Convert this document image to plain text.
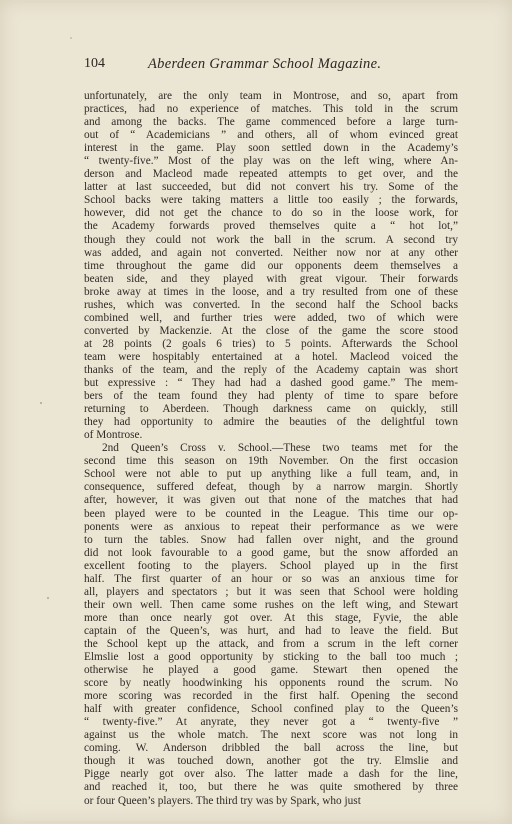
104	Aberdeen Grammar School Magazine.
unfortunately, are the only team in Montrose, and so, apart from
practices, had no experience of matches. This told in the scrum
and among the backs. The game commenced before a large turn-
out of “ Academicians ” and others, all of whom evinced great
interest in the game. Play soon settled down in the Academy’s
“ twenty-five.” Most of the play was on the left wing, where An-
derson and Macleod made repeated attempts to get over, and the
latter at last succeeded, but did not convert his try. Some of the
School backs were taking matters a little too easily ; the forwards,
however, did not get the chance to do so in the loose work, for
the Academy forwards proved themselves quite a “ hot lot,”
though they could not work the ball in the scrum. A second try
was added, and again not converted. Neither now nor at any other
time throughout the game did our opponents deem themselves a
beaten side, and they played with great vigour. Their forwards
broke away at times in the loose, and a try resulted from one of these
rushes, which was converted. In the second half the School backs
combined well, and further tries were added, two of which were
converted by Mackenzie. At the close of the game the score stood
at 28 points (2 goals 6 tries) to 5 points. Afterwards the School
team were hospitably entertained at a hotel. Macleod voiced the
thanks of the team, and the reply of the Academy captain was short
but expressive : “ They had had a dashed good game.” The mem-
bers of the team found they had plenty of time to spare before
returning to Aberdeen. Though darkness came on quickly, still
they had opportunity to admire the beauties of the delightful town
of Montrose.
2nd Queen’s Cross v. School.—These two teams met for the
second time this season on 19th November. On the first occasion
School were not able to put up anything like a full team, and, in
consequence, suffered defeat, though by a narrow margin. Shortly
after, however, it was given out that none of the matches that had
been played were to be counted in the League. This time our op-
ponents were as anxious to repeat their performance as we were
to turn the tables. Snow had fallen over night, and the ground
did not look favourable to a good game, but the snow afforded an
excellent footing to the players. School played up in the first
half. The first quarter of an hour or so was an anxious time for
all, players and spectators ; but it was seen that School were holding
their own well. Then came some rushes on the left wing, and Stewart
more than once nearly got over. At this stage, Fyvie, the able
captain of the Queen’s, was hurt, and had to leave the field. But
the School kept up the attack, and from a scrum in the left corner
Elmslie lost a good opportunity by sticking to the ball too much ;
otherwise he played a good game. Stewart then opened the
score by neatly hoodwinking his opponents round the scrum. No
more scoring was recorded in the first half. Opening the second
half with greater confidence, School confined play to the Queen’s
“ twenty-five.” At anyrate, they never got a “ twenty-five ”
against us the whole match. The next score was not long in
coming. W. Anderson dribbled the ball across the line, but
though it was touched down, another got the try. Elmslie and
Pigge nearly got over also. The latter made a dash for the line,
and reached it, too, but there he was quite smothered by three
or four Queen’s players. The third try was by Spark, who just
